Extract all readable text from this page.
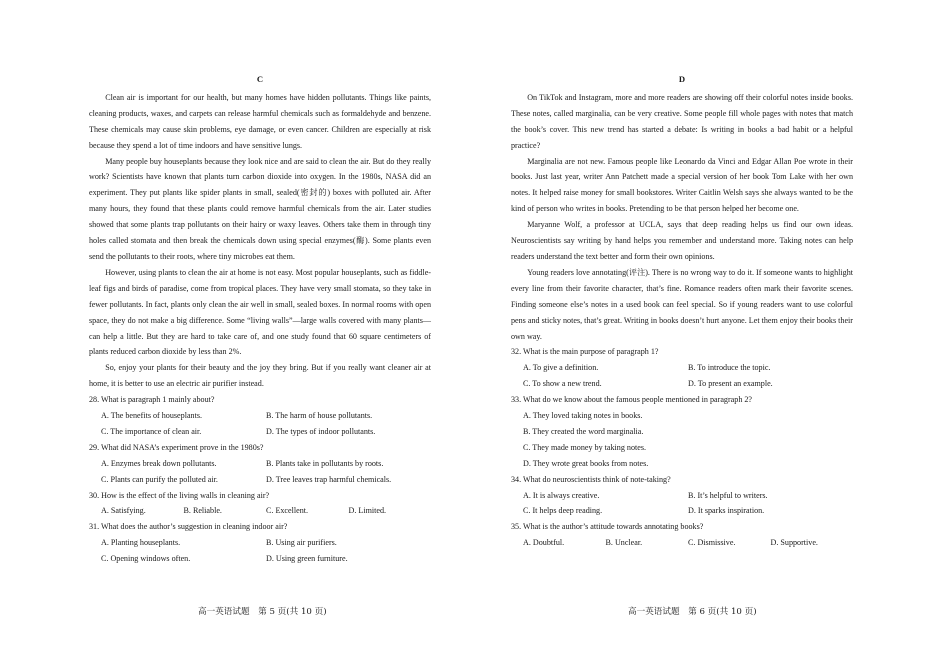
C

Clean air is important for our health, but many homes have hidden pollutants. Things like paints, cleaning products, waxes, and carpets can release harmful chemicals such as formaldehyde and benzene. These chemicals may cause skin problems, eye damage, or even cancer. Children are especially at risk because they spend a lot of time indoors and have sensitive lungs.

Many people buy houseplants because they look nice and are said to clean the air. But do they really work? Scientists have known that plants turn carbon dioxide into oxygen. In the 1980s, NASA did an experiment. They put plants like spider plants in small, sealed(密封的) boxes with polluted air. After many hours, they found that these plants could remove harmful chemicals from the air. Later studies showed that some plants trap pollutants on their hairy or waxy leaves. Others take them in through tiny holes called stomata and then break the chemicals down using special enzymes(酶). Some plants even send the pollutants to their roots, where tiny microbes eat them.

However, using plants to clean the air at home is not easy. Most popular houseplants, such as fiddle-leaf figs and birds of paradise, come from tropical places. They have very small stomata, so they take in fewer pollutants. In fact, plants only clean the air well in small, sealed boxes. In normal rooms with open space, they do not make a big difference. Some “living walls”—large walls covered with many plants—can help a little. But they are hard to take care of, and one study found that 60 square centimeters of plants reduced carbon dioxide by less than 2%.

So, enjoy your plants for their beauty and the joy they bring. But if you really want cleaner air at home, it is better to use an electric air purifier instead.

28. What is paragraph 1 mainly about?

A. The benefits of houseplants.	B. The harm of house pollutants.
C. The importance of clean air.	D. The types of indoor pollutants.

29. What did NASA’s experiment prove in the 1980s?

A. Enzymes break down pollutants.	B. Plants take in pollutants by roots.
C. Plants can purify the polluted air.	D. Tree leaves trap harmful chemicals.

30. How is the effect of the living walls in cleaning air?

A. Satisfying.	B. Reliable.	C. Excellent.	D. Limited.

31. What does the author’s suggestion in cleaning indoor air?

A. Planting houseplants.	B. Using air purifiers.
C. Opening windows often.	D. Using green furniture.
D

On TikTok and Instagram, more and more readers are showing off their colorful notes inside books. These notes, called marginalia, can be very creative. Some people fill whole pages with notes that match the book’s cover. This new trend has started a debate: Is writing in books a bad habit or a helpful practice?

Marginalia are not new. Famous people like Leonardo da Vinci and Edgar Allan Poe wrote in their books. Just last year, writer Ann Patchett made a special version of her book Tom Lake with her own notes. It helped raise money for small bookstores. Writer Caitlin Welsh says she always wanted to be the kind of person who writes in books. Pretending to be that person helped her become one.

Maryanne Wolf, a professor at UCLA, says that deep reading helps us find our own ideas. Neuroscientists say writing by hand helps you remember and understand more. Taking notes can help readers understand the text better and form their own opinions.

Young readers love annotating(评注). There is no wrong way to do it. If someone wants to highlight every line from their favorite character, that’s fine. Romance readers often mark their favorite scenes. Finding someone else’s notes in a used book can feel special. So if young readers want to use colorful pens and sticky notes, that’s great. Writing in books doesn’t hurt anyone. Let them enjoy their books their own way.

32. What is the main purpose of paragraph 1?

A. To give a definition.	B. To introduce the topic.
C. To show a new trend.	D. To present an example.

33. What do we know about the famous people mentioned in paragraph 2?

A. They loved taking notes in books.
B. They created the word marginalia.
C. They made money by taking notes.
D. They wrote great books from notes.

34. What do neuroscientists think of note-taking?

A. It is always creative.	B. It’s helpful to writers.
C. It helps deep reading.	D. It sparks inspiration.

35. What is the author’s attitude towards annotating books?

A. Doubtful.	B. Unclear.	C. Dismissive.	D. Supportive.
高一英语试题　第 5 页(共 10 页)	高一英语试题　第 6 页(共 10 页)
